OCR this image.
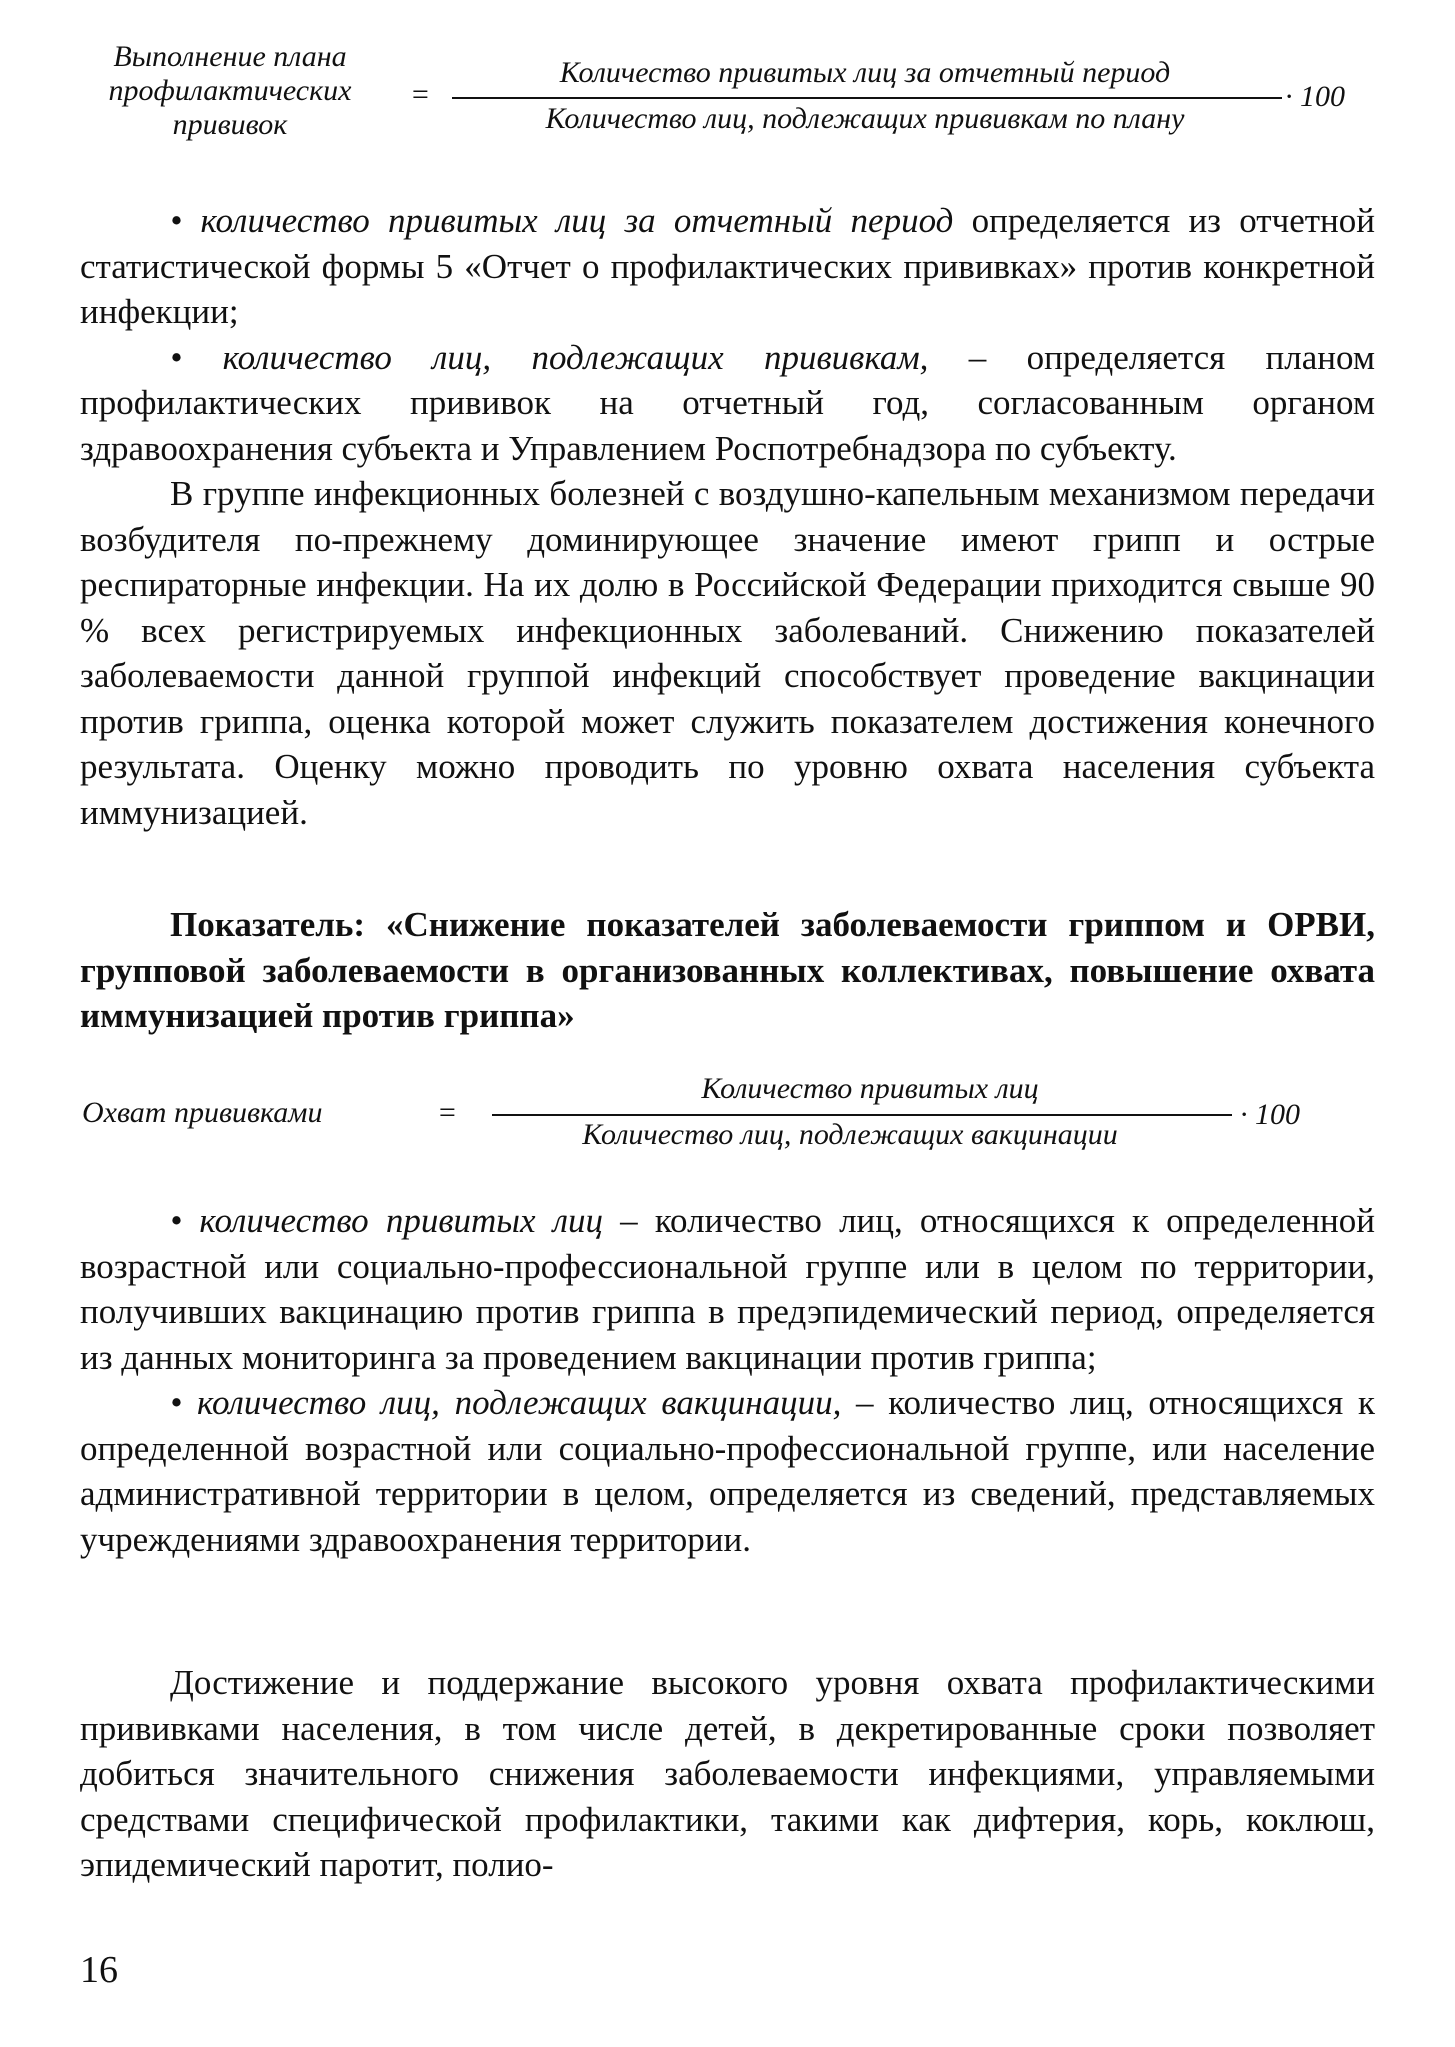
Выполнение плана
профилактических
прививок
=
Количество привитых лиц за отчетный период
Количество лиц, подлежащих прививкам по плану
· 100

• количество привитых лиц за отчетный период определяется из отчетной статистической формы 5 «Отчет о профилактических прививках» против конкретной инфекции;

• количество лиц, подлежащих прививкам, – определяется планом профилактических прививок на отчетный год, согласованным органом здравоохранения субъекта и Управлением Роспотребнадзора по субъекту.

В группе инфекционных болезней с воздушно-капельным механизмом передачи возбудителя по-прежнему доминирующее значение имеют грипп и острые респираторные инфекции. На их долю в Российской Федерации приходится свыше 90 % всех регистрируемых инфекционных заболеваний. Снижению показателей заболеваемости данной группой инфекций способствует проведение вакцинации против гриппа, оценка которой может служить показателем достижения конечного результата. Оценку можно проводить по уровню охвата населения субъекта иммунизацией.

Показатель: «Снижение показателей заболеваемости гриппом и ОРВИ, групповой заболеваемости в организованных коллективах, повышение охвата иммунизацией против гриппа»

Охват прививками	=
Количество привитых лиц
Количество лиц, подлежащих вакцинации
· 100

• количество привитых лиц – количество лиц, относящихся к определенной возрастной или социально-профессиональной группе или в целом по территории, получивших вакцинацию против гриппа в предэпидемический период, определяется из данных мониторинга за проведением вакцинации против гриппа;

• количество лиц, подлежащих вакцинации, – количество лиц, относящихся к определенной возрастной или социально-профессиональной группе, или население административной территории в целом, определяется из сведений, представляемых учреждениями здравоохранения территории.

Достижение и поддержание высокого уровня охвата профилактическими прививками населения, в том числе детей, в декретированные сроки позволяет добиться значительного снижения заболеваемости инфекциями, управляемыми средствами специфической профилактики, такими как дифтерия, корь, коклюш, эпидемический паротит, полио-

16
